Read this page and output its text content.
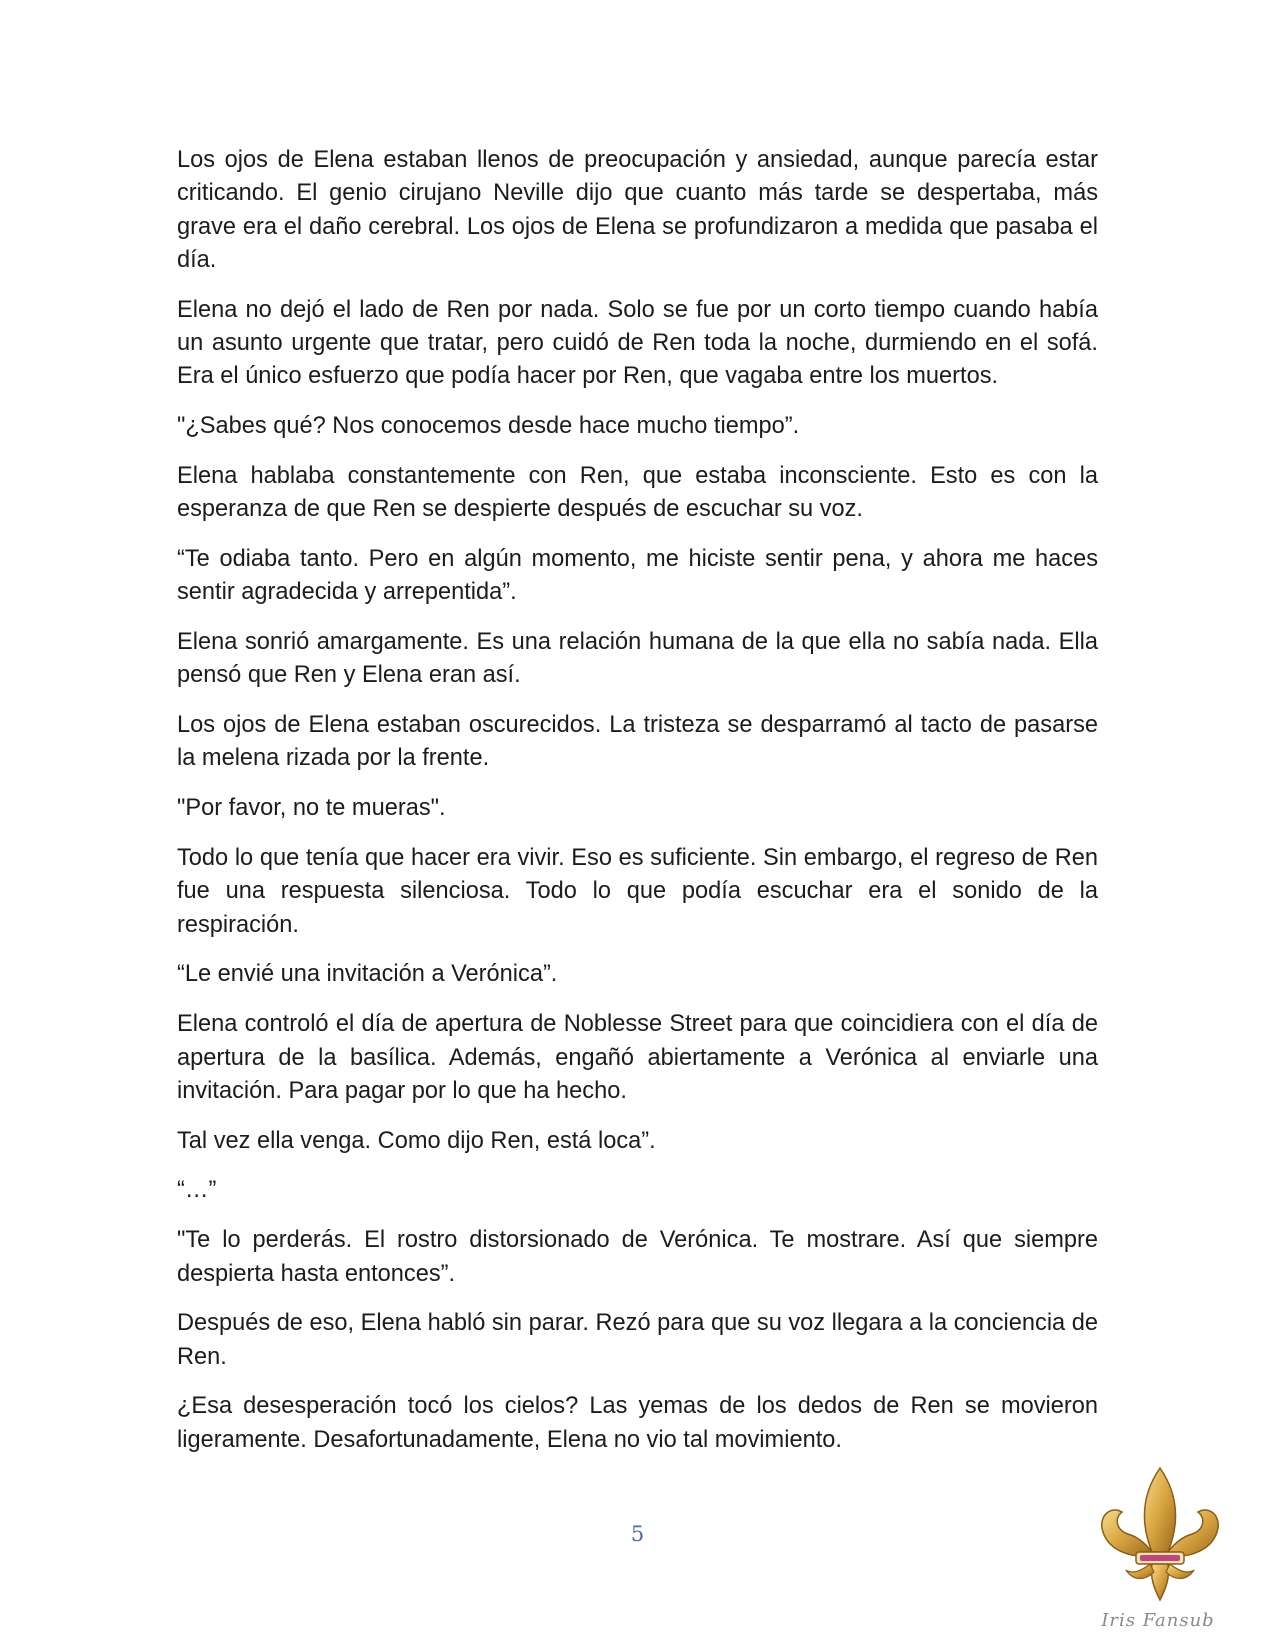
Los ojos de Elena estaban llenos de preocupación y ansiedad, aunque parecía estar criticando. El genio cirujano Neville dijo que cuanto más tarde se despertaba, más grave era el daño cerebral. Los ojos de Elena se profundizaron a medida que pasaba el día.

Elena no dejó el lado de Ren por nada. Solo se fue por un corto tiempo cuando había un asunto urgente que tratar, pero cuidó de Ren toda la noche, durmiendo en el sofá. Era el único esfuerzo que podía hacer por Ren, que vagaba entre los muertos.

"¿Sabes qué? Nos conocemos desde hace mucho tiempo”.

Elena hablaba constantemente con Ren, que estaba inconsciente. Esto es con la esperanza de que Ren se despierte después de escuchar su voz.

“Te odiaba tanto. Pero en algún momento, me hiciste sentir pena, y ahora me haces sentir agradecida y arrepentida”.

Elena sonrió amargamente. Es una relación humana de la que ella no sabía nada. Ella pensó que Ren y Elena eran así.

Los ojos de Elena estaban oscurecidos. La tristeza se desparramó al tacto de pasarse la melena rizada por la frente.

"Por favor, no te mueras".

Todo lo que tenía que hacer era vivir. Eso es suficiente. Sin embargo, el regreso de Ren fue una respuesta silenciosa. Todo lo que podía escuchar era el sonido de la respiración.

“Le envié una invitación a Verónica”.

Elena controló el día de apertura de Noblesse Street para que coincidiera con el día de apertura de la basílica. Además, engañó abiertamente a Verónica al enviarle una invitación. Para pagar por lo que ha hecho.

Tal vez ella venga. Como dijo Ren, está loca”.

“…”

"Te lo perderás. El rostro distorsionado de Verónica. Te mostrare. Así que siempre despierta hasta entonces”.

Después de eso, Elena habló sin parar. Rezó para que su voz llegara a la conciencia de Ren.

¿Esa desesperación tocó los cielos? Las yemas de los dedos de Ren se movieron ligeramente. Desafortunadamente, Elena no vio tal movimiento.

5
Iris Fansub
